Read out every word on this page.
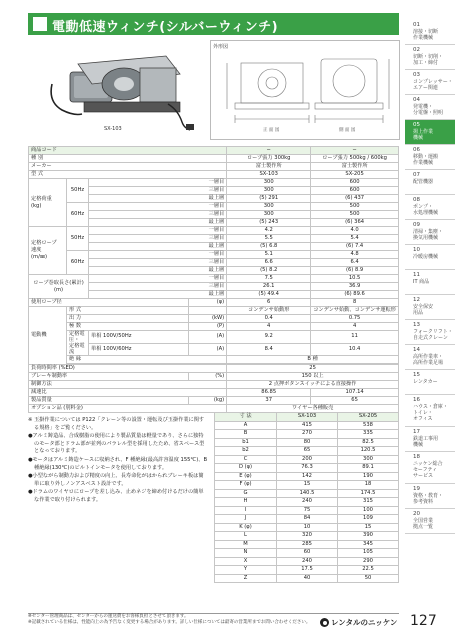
電動低速ウィンチ(シルバーウィンチ)
SX-103	正 面 図	側 面 図
外形図
01
溶接・切断
作業機械
02
切断・切削・
加工・締付
03
コンプレッサー・
エアー関連
04
発電機・
分電盤・照明
05
揚上作業
機械
06
移動・運搬
作業機械
07
配管機器
08
ポンプ・
水処理機械
09
清掃・集塵・
換気用機械
10
冷暖房機械
11
IT 商品
12
安全保安
用品
13
フォークリフト・
自走式クレーン
14
高所作業車・
高所作業足場
15
レンタカー
16
ハウス・倉庫・
トイレ・
オフィス
17
鉄道工事用
機械
18
ニッケン総合
セーフティ
サービス
19
資格・教育・
参考資料
20
全国営業
拠点一覧
商品コード				−	−
種 別				ロープ張力 300kg	ロープ張力 500kg / 600kg
メーカー				富士製作所	富士製作所
型 式				SX-103	SX-205
定格荷重
(kg)	50Hz	一層目		300	600
		三層目		300	600
		最上層		(5) 291	(6) 437
	60Hz	一層目		300	500
		三層目		300	500
		最上層		(5) 243	(6) 364
定格ロープ
速度
(m/㎜)	50Hz	一層目		4.2	4.0
		三層目		5.5	5.4
		最上層		(5) 6.8	(6) 7.4
	60Hz	一層目		5.1	4.8
		三層目		6.6	6.4
		最上層		(5) 8.2	(6) 8.9
ロープ巻取長さ(累計)
(m)		一層目		7.5	10.5
		三層目		26.1	36.9
		最上層		(5) 49.4	(6) 89.6
使用ロープ径			(φ)	6	8
電動機	形 式			コンデンサ始動形	コンデンサ始動、コンデンサ運転形
	出 力		(kW)	0.4	0.75
	極 数		(P)	4	4
	定格電圧・
定格電流	単相 100V/50Hz	(A)	9.2	11
		単相 100V/60Hz	(A)	8.4	10.4
	絶 縁			B 種	

負荷時間率 (%ED)				25	
ブレーキ制動率			(%)	150 以上	
制御方法				2 点押ボタンスイッチによる直接操作	
減速比				86.85	107.14
製品質量			(kg)	37	65
オプション品 (別料金)				ワイヤー各種販売	

※ 玉掛作業については P122「クレーン等の設置・運転及び玉掛作業に関する規格」をご覧ください。

●アルミ鋳造品、合成樹脂の使用により製品質量は軽量であり、さらに独特のモータ部とドラム部が並列のパラレル型を採用したため、省スペース型となっております。

●モータはアルミ鋳造ケースに収納され、F 種絶縁(最高許容温度 155℃)、B 種絶縁(130℃)のビルトインモータを使用しております。

●小型ながら制動力および精度の向上、長寿命化がはかられブレーキ板は簡単に取り外しノンアスベスト設計です。

●ドラムのワイヤロにロープを差し込み、止めネジを締め付けるだけの簡単な作業で取り付けられます。

寸 法	SX-103	SX-205
A	415	538
B	270	335
b1	80	82.5
b2	65	120.5
C	200	300
D (φ)	76.3	89.1
E (φ)	142	190
F (φ)	15	18
G	140.5	174.5
H	240	315
I	75	100
J	84	109
K (φ)	10	15
L	320	390
M	285	345
N	60	105
X	240	290
Y	17.5	22.5
Z	40	50
※センター管理商品は、センターからの運送費をお客様負担とさせて頂きます。
※記載されている仕様は、性能向上の為予告なく変更する場合があります。詳しい仕様については最寄の営業所までお問い合わせください。	レンタルのニッケン 127
